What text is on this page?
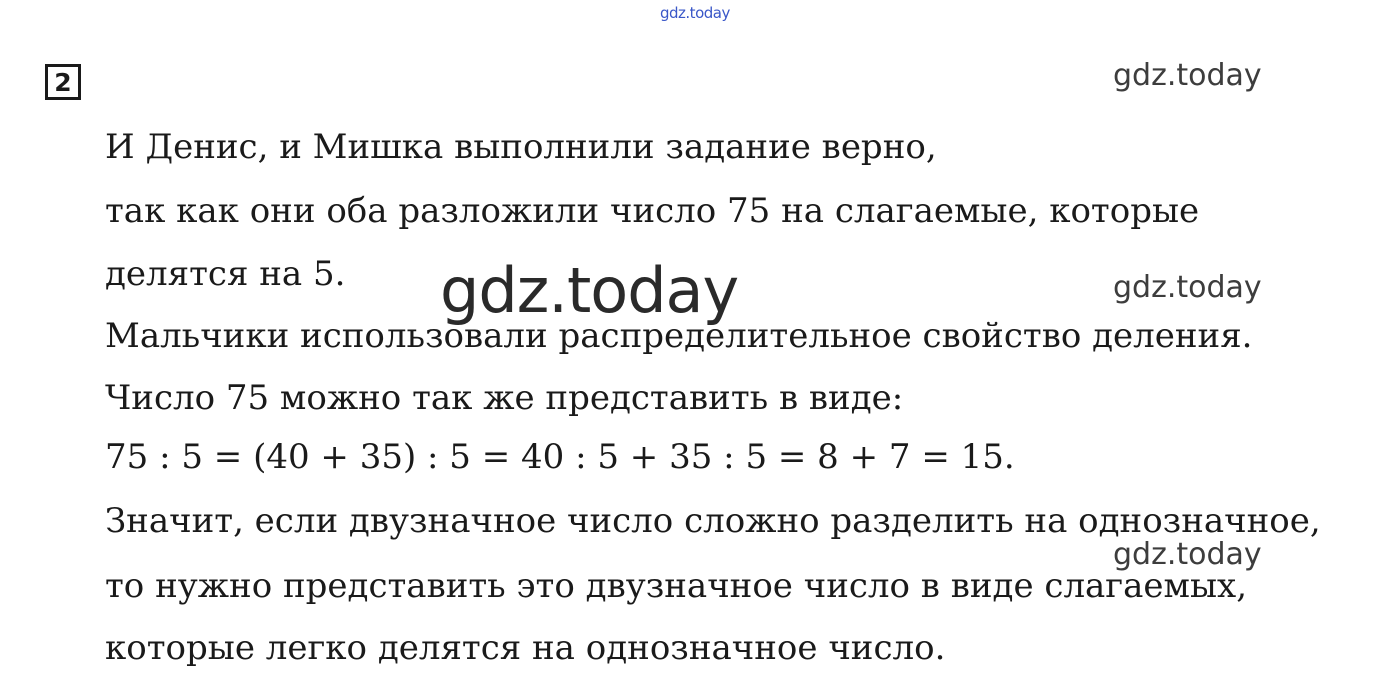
gdz.today
2	gdz.today
gdz.today
gdz.today
И Денис, и Мишка выполнили задание верно,
так как они оба разложили число 75 на слагаемые, которые
делятся на 5.
Мальчики использовали распределительное свойство деления.
Число 75 можно так же представить в виде:
75 : 5 = (40 + 35) : 5 = 40 : 5 + 35 : 5 = 8 + 7 = 15.
Значит, если двузначное число сложно разделить на однозначное,
то нужно представить это двузначное число в виде слагаемых,
которые легко делятся на однозначное число.
gdz.today
